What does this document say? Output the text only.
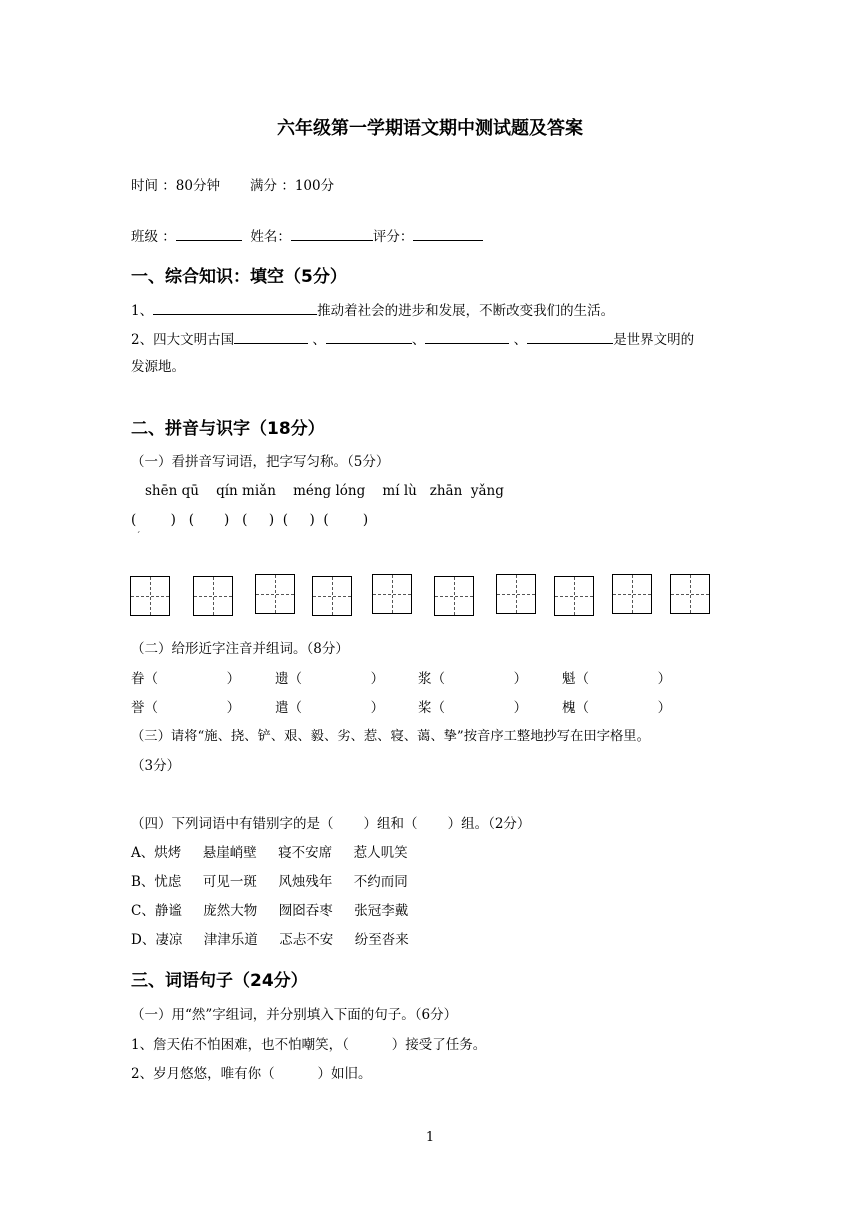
六年级第一学期语文期中测试题及答案
时间 ：80分钟 满分 ：100分
班级 ：	姓名：	评分：
一、综合知识：填空（5分）
1、	推动着社会的进步和发展，不断改变我们的生活。
2、四大文明古国	、	、	、	是世界文明的
发源地。
二、拼音与识字（18分）
（一）看拼音写词语，把字写匀称。（5分）
shēn qū    qín miǎn    méng lóng    mí lù   zhān  yǎng
(        )   (       )   (     )  (     )  (        )
ˊ
（二）给形近字注音并组词。（8分）
眷（	）	遗（	）	浆（	）	魁（	）
誉（	）	遣（	）	桨（	）	槐（	）
（三）请将“施、挠、铲、艰、毅、劣、惹、寝、蔼、挚”按音序工整地抄写在田字格里。
（3分）
（四）下列词语中有错别字的是（       ）组和（       ）组。（2分）
A、烘烤     悬崖峭壁     寝不安席     惹人叽笑
B、忧虑     可见一斑     风烛残年     不约而同
C、静谧     庞然大物     囫囵吞枣     张冠李戴
D、凄凉     津津乐道     忑忐不安     纷至沓来
三、词语句子（24分）
（一）用“然”字组词，并分别填入下面的句子。（6分）
1、詹天佑不怕困难，也不怕嘲笑，（          ）接受了任务。
2、岁月悠悠，唯有你（          ）如旧。
1
